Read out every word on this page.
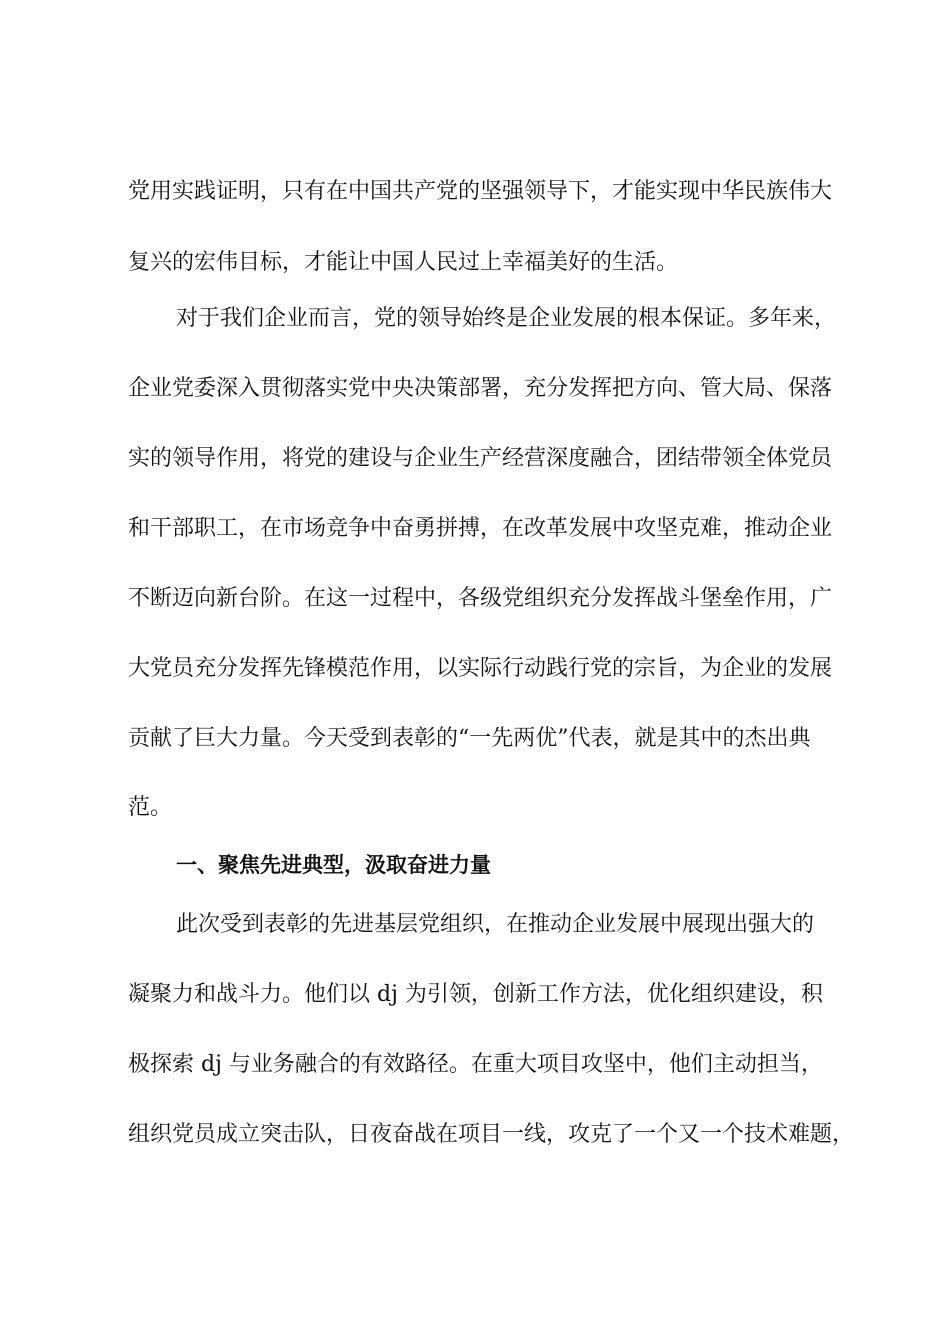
党用实践证明，只有在中国共产党的坚强领导下，才能实现中华民族伟大
复兴的宏伟目标，才能让中国人民过上幸福美好的生活。
对于我们企业而言，党的领导始终是企业发展的根本保证。多年来，
企业党委深入贯彻落实党中央决策部署，充分发挥把方向、管大局、保落
实的领导作用，将党的建设与企业生产经营深度融合，团结带领全体党员
和干部职工，在市场竞争中奋勇拼搏，在改革发展中攻坚克难，推动企业
不断迈向新台阶。在这一过程中，各级党组织充分发挥战斗堡垒作用，广
大党员充分发挥先锋模范作用，以实际行动践行党的宗旨，为企业的发展
贡献了巨大力量。今天受到表彰的“一先两优”代表，就是其中的杰出典
范。
一、聚焦先进典型，汲取奋进力量
此次受到表彰的先进基层党组织，在推动企业发展中展现出强大的
凝聚力和战斗力。他们以 dj 为引领，创新工作方法，优化组织建设，积
极探索 dj 与业务融合的有效路径。在重大项目攻坚中，他们主动担当，
组织党员成立突击队，日夜奋战在项目一线，攻克了一个又一个技术难题，
